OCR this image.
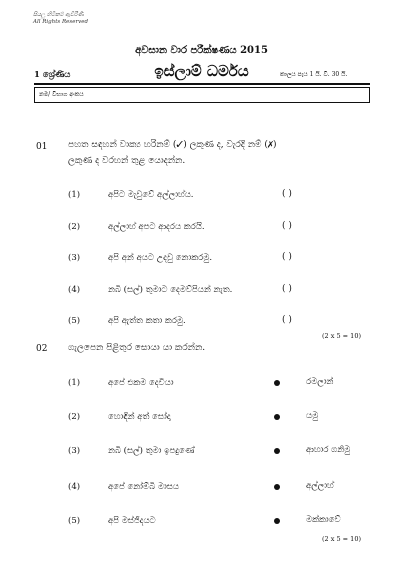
සියලු හිමිකම් ඇවිරිණි
All Rights Reserved
අවසාන වාර පරීක්ෂණය 2015
1 ශ්‍රේණිය	ඉස්ලාම් ධර්මය	කාලය පැය 1 යි. වි. 30 යි.
නම/ විභාග අංකය
01 පහත සඳහන් වාක්‍ය හරිනම් (✓) ලකුණ ද, වැරදි නම් (✗)
ලකුණ ද වරහන් තුළ යොදන්න.
(1)	අපිට මැවුවේ අල්ලාහ්ය.	( )
(2)	අල්ලාහ් අපට ආදරය කරයි.	( )
(3)	අපි අන් අයට උදවු නොකරමු.	( )
(4)	නබි (සල්) තුමාට දෙමව්පියන් නැත.	( )
(5)	අපි ඇත්ත කතා කරමු.	( )
(2 x 5 = 10)
02 ගැලපෙන පිළිතුර සොයා යා කරන්න.
(1)	අපේ එකම දෙවියා	රමලාන්
(2)	හොඳින් අත් සෝදා	යමු
(3)	නබි (සල්) තුමා ඉපදුණේ	ආහාර ගනිමු
(4)	අපේ නෝම්බි මාසය	අල්ලාහ්
(5)	අපි මස්ජිදයට	මක්කාවේ
(2 x 5 = 10)
